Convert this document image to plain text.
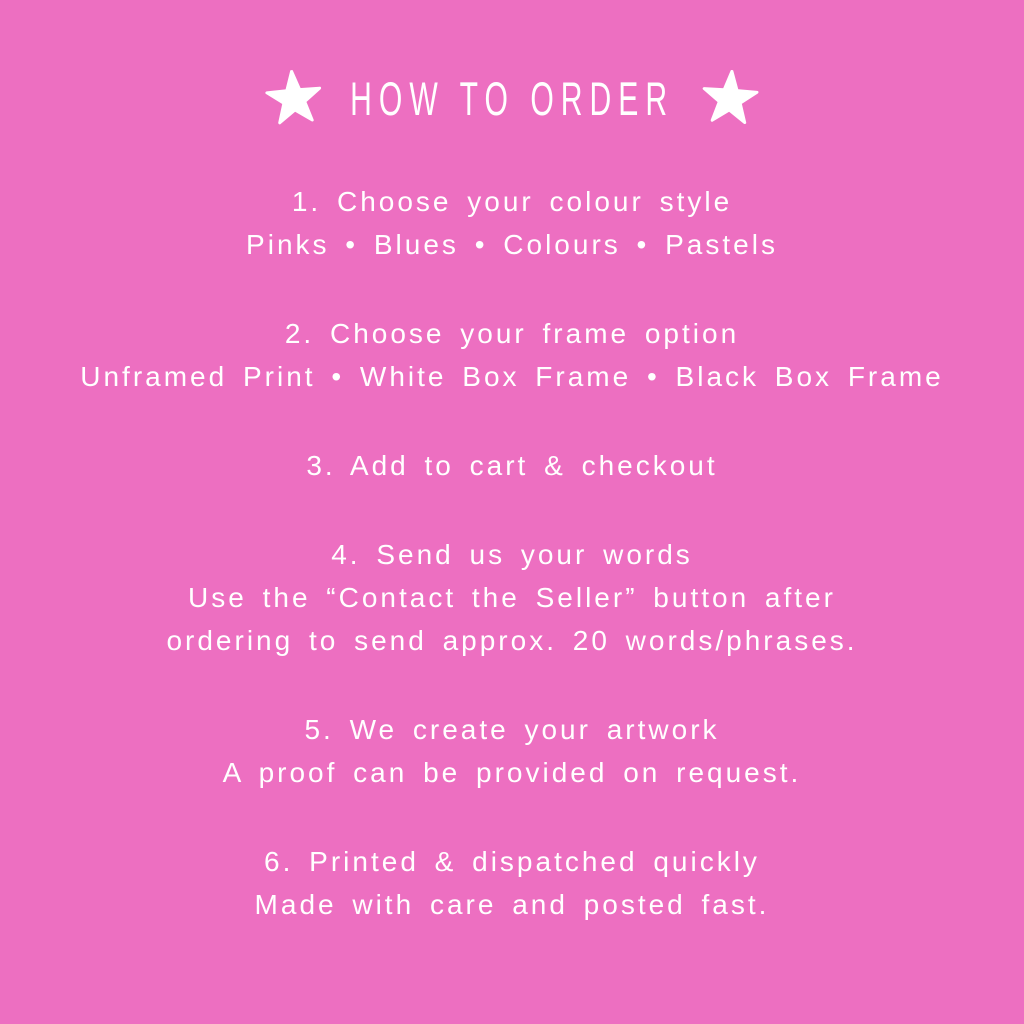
HOW TO ORDER
1. Choose your colour style
Pinks • Blues • Colours • Pastels
2. Choose your frame option
Unframed Print • White Box Frame • Black Box Frame
3. Add to cart & checkout
4. Send us your words
Use the “Contact the Seller” button after
ordering to send approx. 20 words/phrases.
5. We create your artwork
A proof can be provided on request.
6. Printed & dispatched quickly
Made with care and posted fast.
